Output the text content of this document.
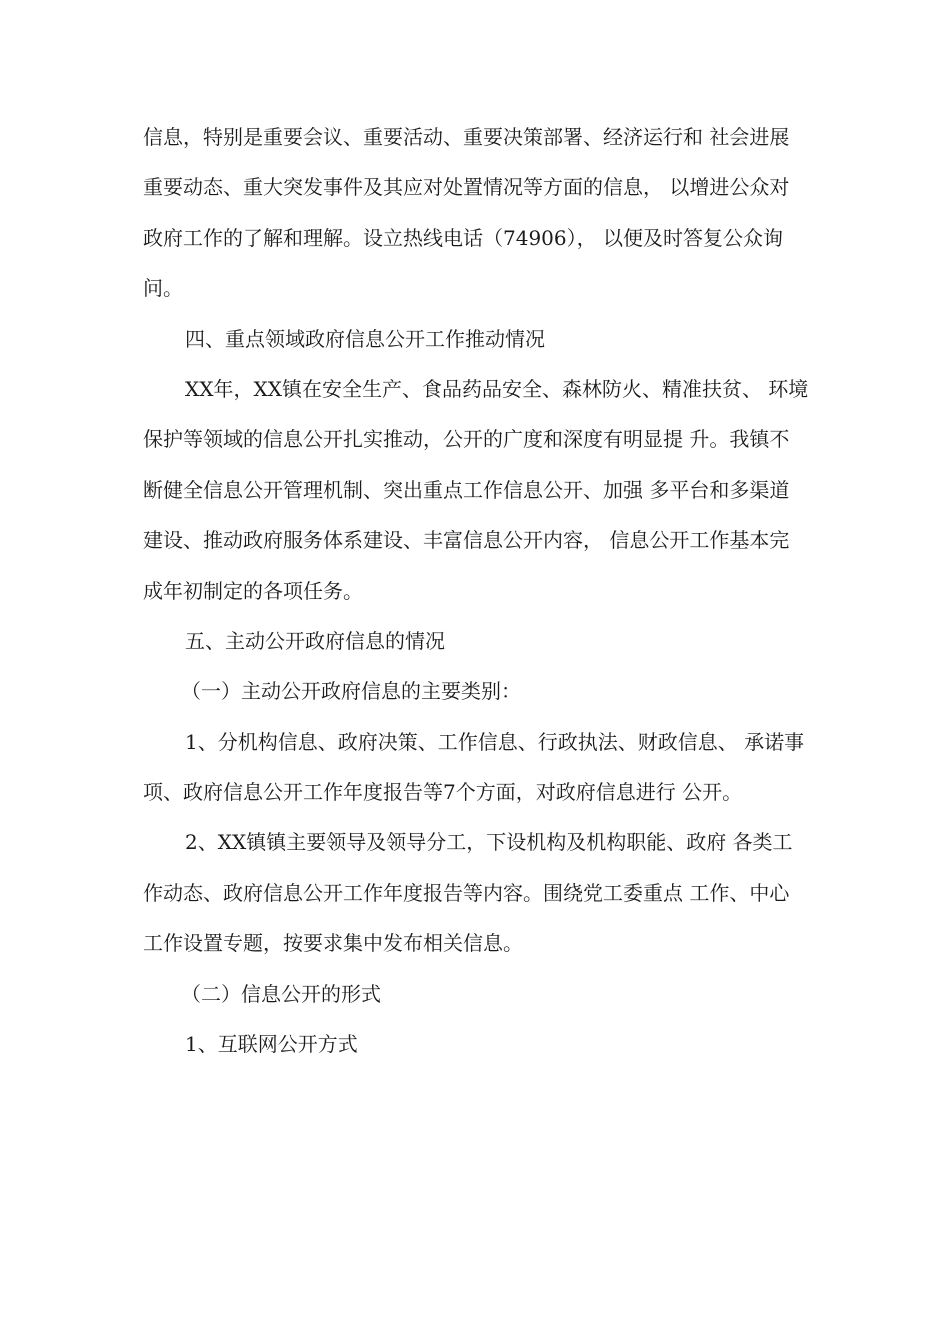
信息，特别是重要会议、重要活动、重要决策部署、经济运行和 社会进展
重要动态、重大突发事件及其应对处置情况等方面的信息， 以增进公众对
政府工作的了解和理解。设立热线电话（74906）， 以便及时答复公众询
问。
四、重点领域政府信息公开工作推动情况
XX年，XX镇在安全生产、食品药品安全、森林防火、精准扶贫、 环境
保护等领域的信息公开扎实推动，公开的广度和深度有明显提 升。我镇不
断健全信息公开管理机制、突出重点工作信息公开、加强 多平台和多渠道
建设、推动政府服务体系建设、丰富信息公开内容， 信息公开工作基本完
成年初制定的各项任务。
五、主动公开政府信息的情况
（一）主动公开政府信息的主要类别：
1、分机构信息、政府决策、工作信息、行政执法、财政信息、 承诺事
项、政府信息公开工作年度报告等7个方面，对政府信息进行 公开。
2、XX镇镇主要领导及领导分工，下设机构及机构职能、政府 各类工
作动态、政府信息公开工作年度报告等内容。围绕党工委重点 工作、中心
工作设置专题，按要求集中发布相关信息。
（二）信息公开的形式
1、互联网公开方式
